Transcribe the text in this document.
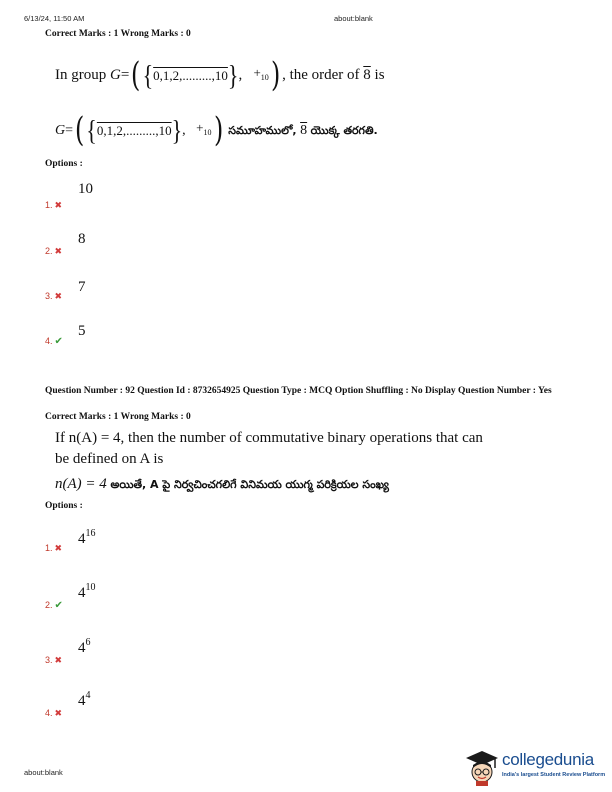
6/13/24, 11:50 AM	about:blank
Correct Marks : 1 Wrong Marks : 0
In group
G = ( { 0,1,2,.........,10 } , $+_{10}$ ) , the order of
8
is
G = ( { 0,1,2,.........,10 } , $+_{10}$ )
సమూహములో,
8
యొక్క తరగతి.
Options :
10
1. ✖
8
2. ✖
7
3. ✖
5
4. ✔
Question Number : 92 Question Id : 8732654925 Question Type : MCQ Option Shuffling : No Display Question Number : Yes
Correct Marks : 1 Wrong Marks : 0
If n(A) = 4, then the number of commutative binary operations that can
be defined on A is
n(A) = 4 అయితే, A పై నిర్వచించగలిగే వినిమయ యుగ్మ పరిక్రియల సంఖ్య
Options :
$4^{16}$
1. ✖
$4^{10}$
2. ✔
$4^6$
3. ✖
$4^4$
4. ✖
about:blank
collegedunia
India's largest Student Review Platform
